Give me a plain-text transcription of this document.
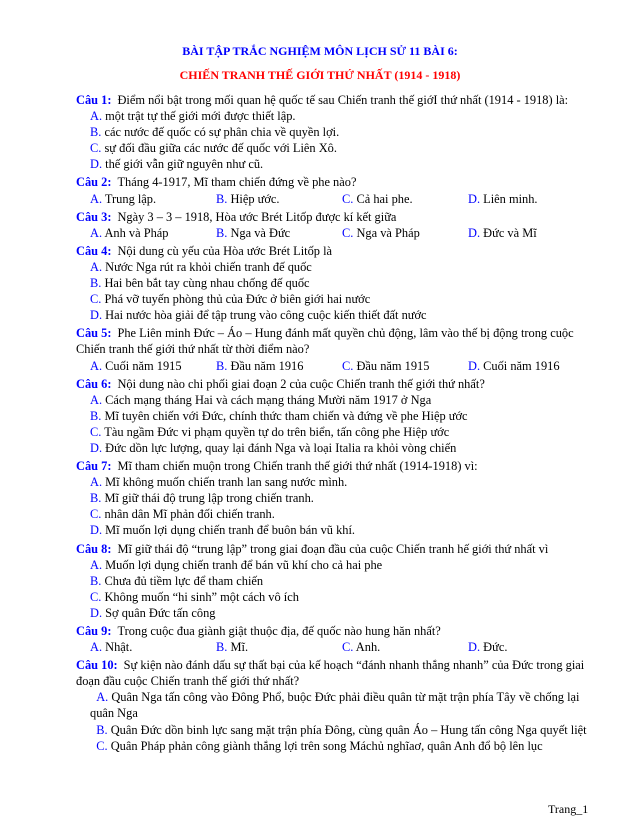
BÀI TẬP TRẮC NGHIỆM MÔN LỊCH SỬ 11 BÀI 6:
CHIẾN TRANH THẾ GIỚI THỨ NHẤT (1914 - 1918)
Câu 1: Điểm nổi bật trong mối quan hệ quốc tế sau Chiến tranh thế giớI thứ nhất (1914 - 1918) là:
A. một trật tự thế giới mới được thiết lập.
B. các nước đế quốc có sự phân chia về quyền lợi.
C. sự đối đầu giữa các nước đế quốc với Liên Xô.
D. thế giới vẫn giữ nguyên như cũ.
Câu 2: Tháng 4-1917, Mĩ tham chiến đứng về phe nào?
A. Trung lập.	B. Hiệp ước.	C. Cả hai phe.	D. Liên minh.
Câu 3: Ngày 3 – 3 – 1918, Hòa ước Brét Litốp được kí kết giữa
A. Anh và Pháp	B. Nga và Đức	C. Nga và Pháp	D. Đức và Mĩ
Câu 4: Nội dung cù yếu của Hòa ước Brét Litốp là
A. Nước Nga rút ra khỏi chiến tranh đế quốc
B. Hai bên bắt tay cùng nhau chống đế quốc
C. Phá vỡ tuyến phòng thủ của Đức ở biên giới hai nước
D. Hai nước hòa giải để tập trung vào công cuộc kiến thiết đất nước
Câu 5: Phe Liên minh Đức – Áo – Hung đánh mất quyền chủ động, lâm vào thế bị động trong cuộc Chiến tranh thế giới thứ nhất từ thời điểm nào?
A. Cuối năm 1915	B. Đầu năm 1916	C. Đầu năm 1915	D. Cuối năm 1916
Câu 6: Nội dung nào chi phối giai đoạn 2 của cuộc Chiến tranh thế giới thứ nhất?
A. Cách mạng tháng Hai và cách mạng tháng Mười năm 1917 ở Nga
B. Mĩ tuyên chiến với Đức, chính thức tham chiến và đứng về phe Hiệp ước
C. Tàu ngầm Đức vi phạm quyền tự do trên biển, tấn công phe Hiệp ước
D. Đức dồn lực lượng, quay lại đánh Nga và loại Italia ra khỏi vòng chiến
Câu 7: Mĩ tham chiến muộn trong Chiến tranh thế giới thứ nhất (1914-1918) vì:
A. Mĩ không muốn chiến tranh lan sang nước mình.
B. Mĩ giữ thái độ trung lập trong chiến tranh.
C. nhân dân Mĩ phản đối chiến tranh.
D. Mĩ muốn lợi dụng chiến tranh để buôn bán vũ khí.
Câu 8: Mĩ giữ thái độ “trung lập” trong giai đoạn đầu của cuộc Chiến tranh hế giới thứ nhất vì
A. Muốn lợi dụng chiến tranh để bán vũ khí cho cả hai phe
B. Chưa đủ tiềm lực để tham chiến
C. Không muốn “hi sinh” một cách vô ích
D. Sợ quân Đức tấn công
Câu 9: Trong cuộc đua giành giật thuộc địa, đế quốc nào hung hăn nhất?
A. Nhật.	B. Mĩ.	C. Anh.	D. Đức.
Câu 10: Sự kiện nào đánh dấu sự thất bại của kế hoạch “đánh nhanh thắng nhanh” của Đức trong giai đoạn đầu cuộc Chiến tranh thế giới thứ nhất?
A. Quân Nga tấn công vào Đông Phổ, buộc Đức phải điều quân từ mặt trận phía Tây về chống lại quân Nga
B. Quân Đức dồn binh lực sang mặt trận phía Đông, cùng quân Áo – Hung tấn công Nga quyết liệt
C. Quân Pháp phản công giành thắng lợi trên song Máchủ nghĩaơ, quân Anh đổ bộ lên lục
Trang_1
